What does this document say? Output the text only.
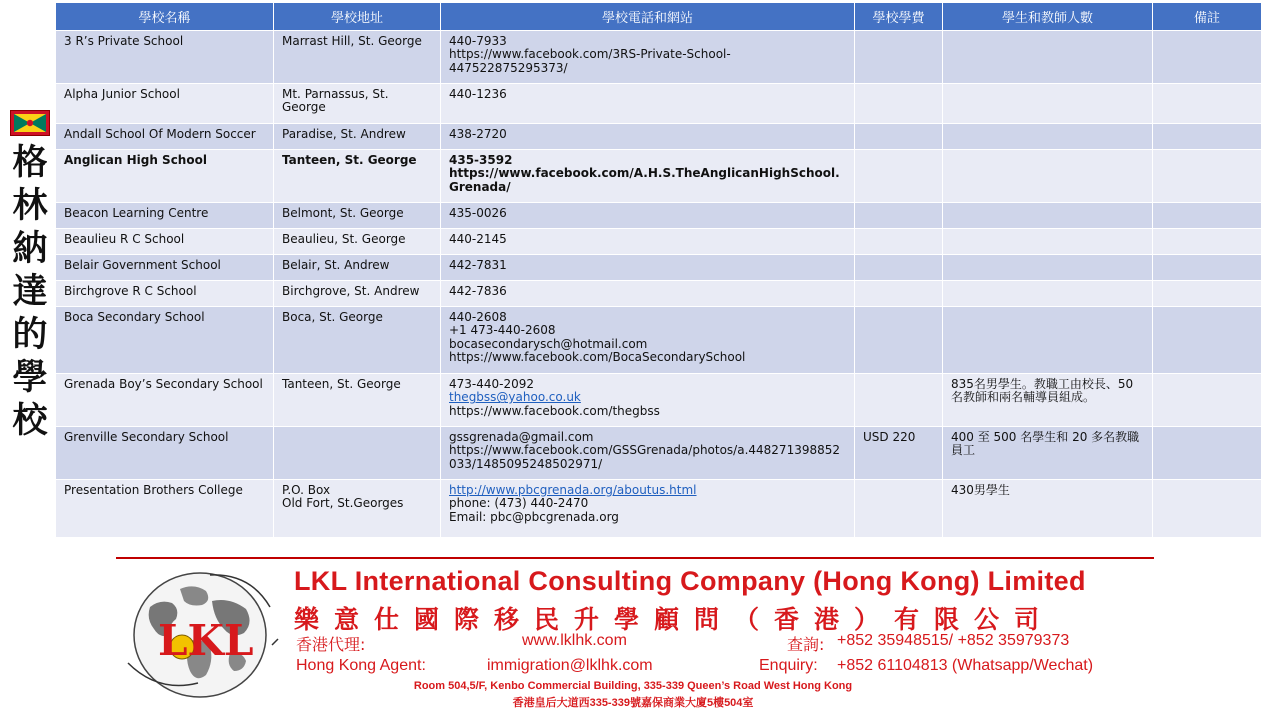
格
林
納
達
的
學
校
學校名稱	學校地址	學校電話和網站	學校學費	學生和教師人數	備註
3 R’s Private School	Marrast Hill, St. George	440-7933
https://www.facebook.com/3RS-Private-School-447522875295373/			

Alpha Junior School	Mt. Parnassus, St. George	440-1236			

Andall School Of Modern Soccer	Paradise, St. Andrew	438-2720			

Anglican High School	Tanteen, St. George	435-3592
https://www.facebook.com/A.H.S.TheAnglicanHighSchool.Grenada/			

Beacon Learning Centre	Belmont, St. George	435-0026			

Beaulieu R C School	Beaulieu, St. George	440-2145			

Belair Government School	Belair, St. Andrew	442-7831			

Birchgrove R C School	Birchgrove, St. Andrew	442-7836			

Boca Secondary School	Boca, St. George	440-2608
+1 473-440-2608
bocasecondarysch@hotmail.com
https://www.facebook.com/BocaSecondarySchool			

Grenada Boy’s Secondary School	Tanteen, St. George	473-440-2092
thegbss@yahoo.co.uk
https://www.facebook.com/thegbss		835名男學生。教職工由校長、50名教師和兩名輔導員組成。	
Grenville Secondary School		gssgrenada@gmail.com
https://www.facebook.com/GSSGrenada/photos/a.448271398852033/1485095248502971/	USD 220	400 至 500 名學生和 20 多名教職員工	
Presentation Brothers College	P.O. Box
Old Fort, St.Georges	http://www.pbcgrenada.org/aboutus.html
phone: (473) 440-2470
Email: pbc@pbcgrenada.org		430男學生	
LKL
LKL International Consulting Company (Hong Kong) Limited
樂意仕國際移民升學顧問（香港）有限公司
香港代理:	www.lklhk.com	查詢: +852 35948515/ +852 35979373
Hong Kong Agent:	immigration@lklhk.com	Enquiry: +852 61104813 (Whatsapp/Wechat)
Room 504,5/F, Kenbo Commercial Building, 335-339 Queen’s Road West Hong Kong
香港皇后大道西335-339號嘉保商業大廈5樓504室
